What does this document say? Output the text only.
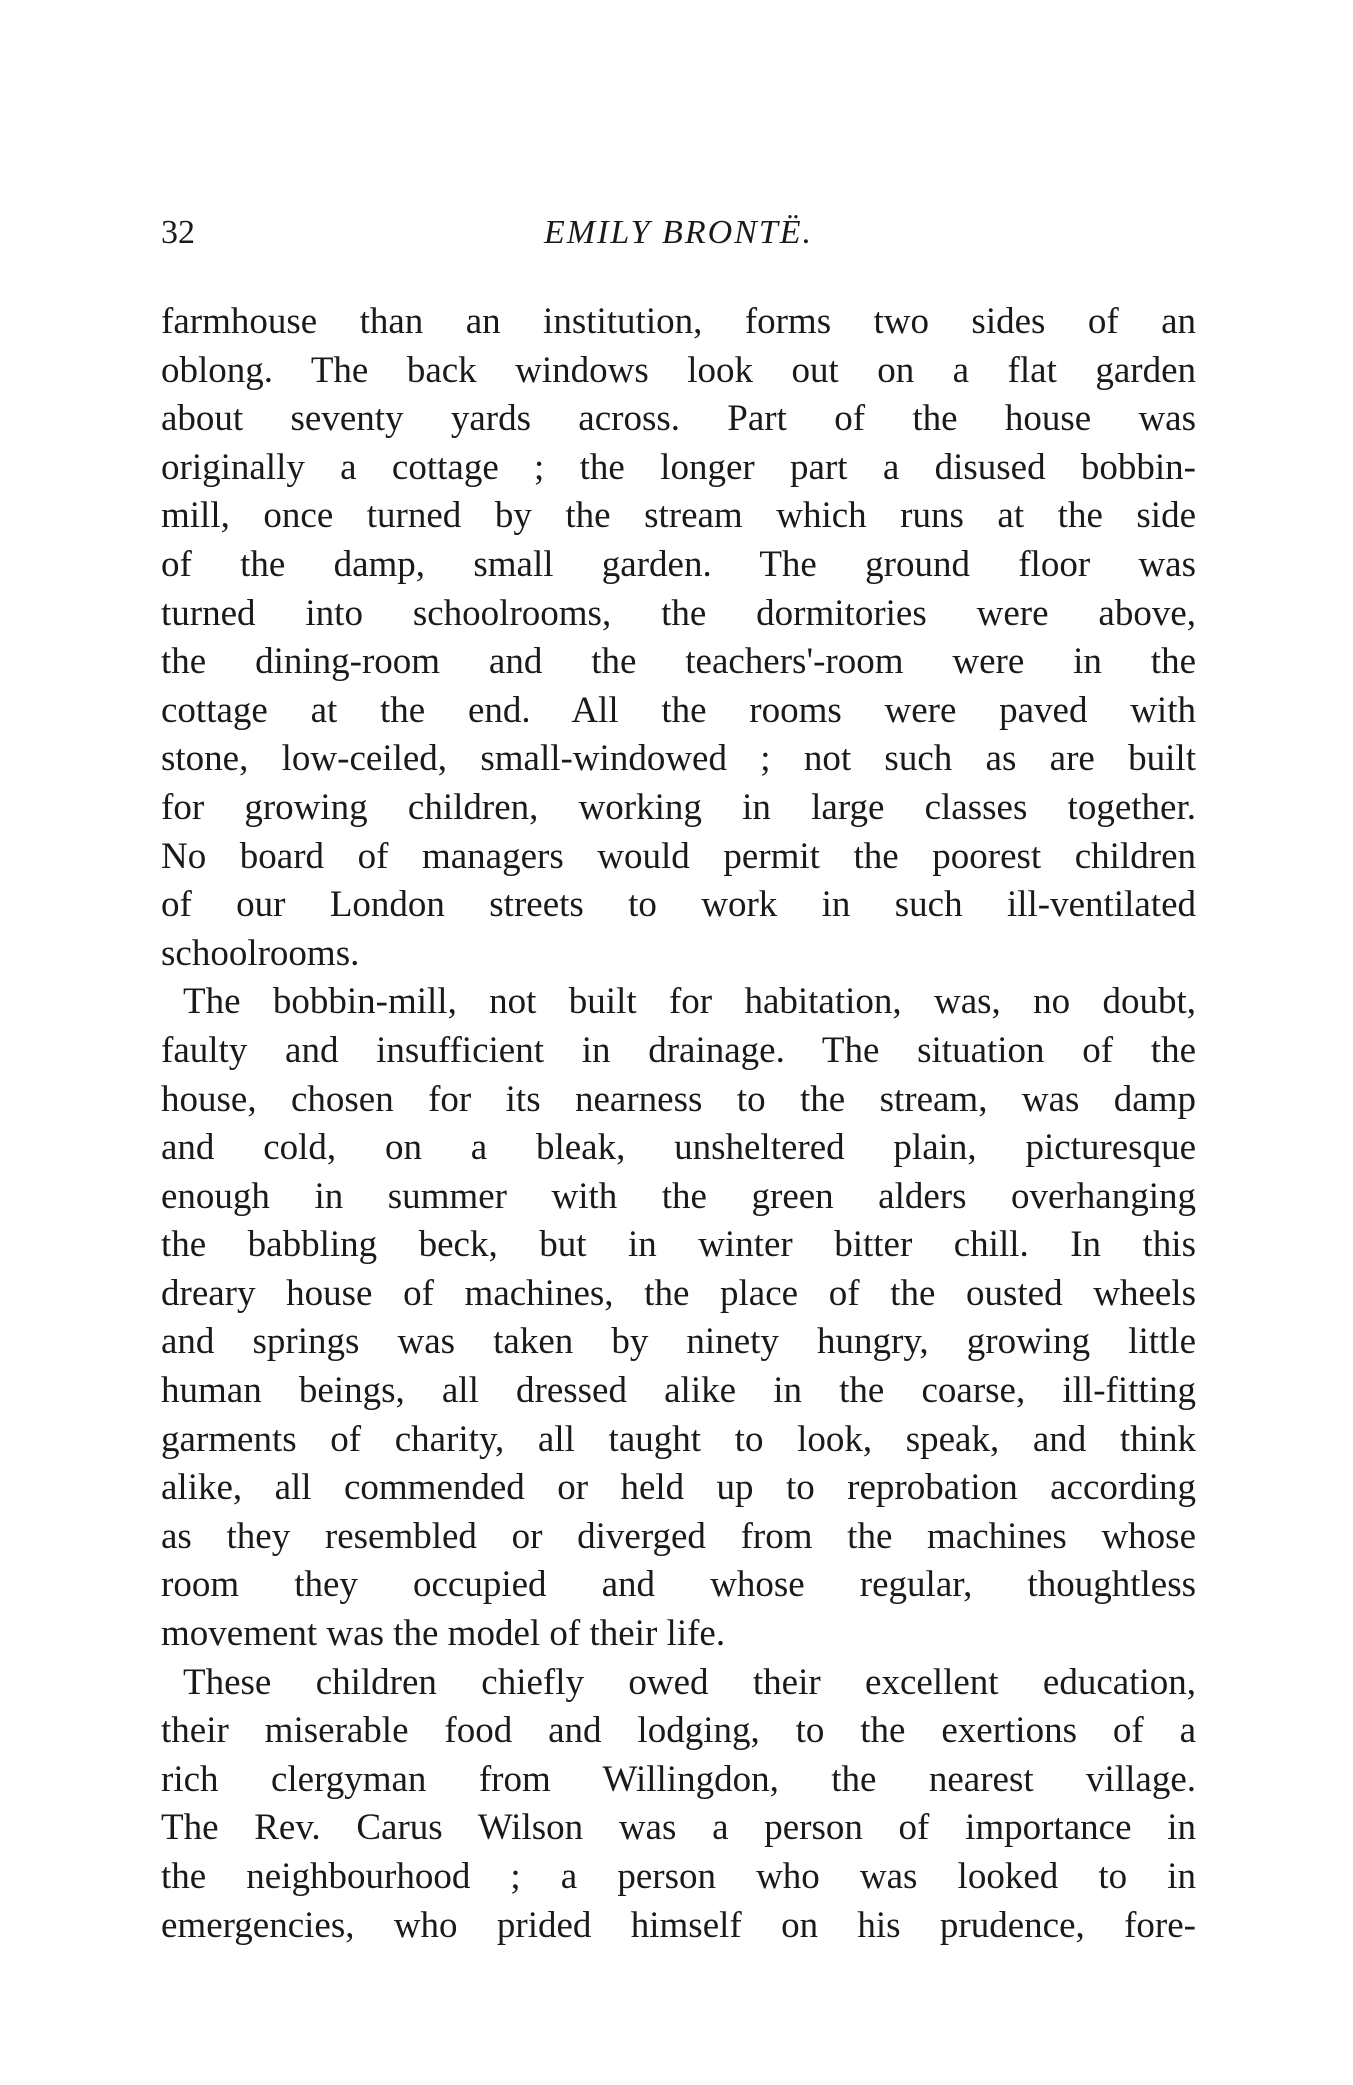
32	EMILY BRONTË.
farmhouse than an institution, forms two sides of an
oblong. The back windows look out on a flat garden
about seventy yards across. Part of the house was
originally a cottage ; the longer part a disused bobbin-
mill, once turned by the stream which runs at the side
of the damp, small garden. The ground floor was
turned into schoolrooms, the dormitories were above,
the dining-room and the teachers'-room were in the
cottage at the end. All the rooms were paved with
stone, low-ceiled, small-windowed ; not such as are built
for growing children, working in large classes together.
No board of managers would permit the poorest children
of our London streets to work in such ill-ventilated
schoolrooms.
The bobbin-mill, not built for habitation, was, no doubt,
faulty and insufficient in drainage. The situation of the
house, chosen for its nearness to the stream, was damp
and cold, on a bleak, unsheltered plain, picturesque
enough in summer with the green alders overhanging
the babbling beck, but in winter bitter chill. In this
dreary house of machines, the place of the ousted wheels
and springs was taken by ninety hungry, growing little
human beings, all dressed alike in the coarse, ill-fitting
garments of charity, all taught to look, speak, and think
alike, all commended or held up to reprobation according
as they resembled or diverged from the machines whose
room they occupied and whose regular, thoughtless
movement was the model of their life.
These children chiefly owed their excellent education,
their miserable food and lodging, to the exertions of a
rich clergyman from Willingdon, the nearest village.
The Rev. Carus Wilson was a person of importance in
the neighbourhood ; a person who was looked to in
emergencies, who prided himself on his prudence, fore-
